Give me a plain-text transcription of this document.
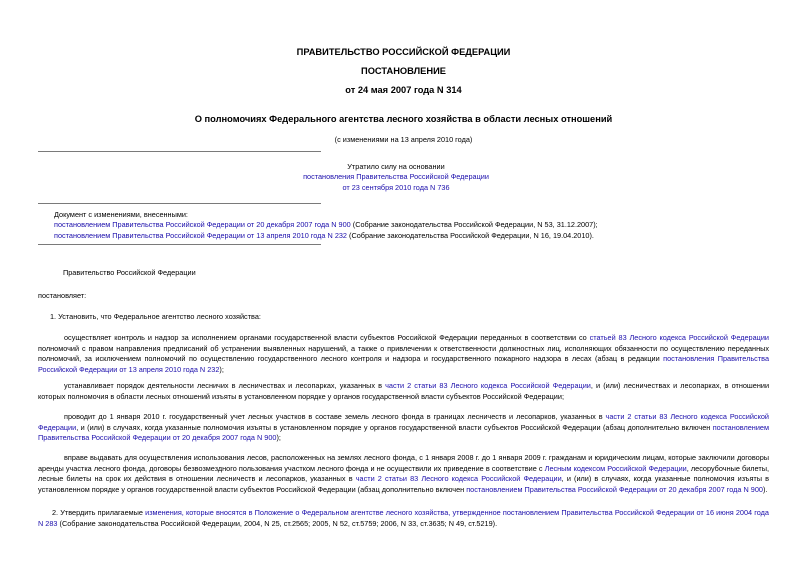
ПРАВИТЕЛЬСТВО РОССИЙСКОЙ ФЕДЕРАЦИИ
ПОСТАНОВЛЕНИЕ
от 24 мая 2007 года N 314
О полномочиях Федерального агентства лесного хозяйства в области лесных отношений
(с изменениями на 13 апреля 2010 года)
Утратило силу на основании
постановления Правительства Российской Федерации
от 23 сентября 2010 года N 736
Документ с изменениями, внесенными:
постановлением Правительства Российской Федерации от 20 декабря 2007 года N 900 (Собрание законодательства Российской Федерации, N 53, 31.12.2007);
постановлением Правительства Российской Федерации от 13 апреля 2010 года N 232 (Собрание законодательства Российской Федерации, N 16, 19.04.2010).
Правительство Российской Федерации
постановляет:
1. Установить, что Федеральное агентство лесного хозяйства:
осуществляет контроль и надзор за исполнением органами государственной власти субъектов Российской Федерации переданных в соответствии со статьей 83 Лесного кодекса Российской Федерации полномочий с правом направления предписаний об устранении выявленных нарушений, а также о привлечении к ответственности должностных лиц, исполняющих обязанности по осуществлению переданных полномочий, за исключением полномочий по осуществлению государственного лесного контроля и надзора и государственного пожарного надзора в лесах (абзац в редакции постановления Правительства Российской Федерации от 13 апреля 2010 года N 232);
устанавливает порядок деятельности лесничих в лесничествах и лесопарках, указанных в части 2 статьи 83 Лесного кодекса Российской Федерации, и (или) лесничествах и лесопарках, в отношении которых полномочия в области лесных отношений изъяты в установленном порядке у органов государственной власти субъектов Российской Федерации;
проводит до 1 января 2010 г. государственный учет лесных участков в составе земель лесного фонда в границах лесничеств и лесопарков, указанных в части 2 статьи 83 Лесного кодекса Российской Федерации, и (или) в случаях, когда указанные полномочия изъяты в установленном порядке у органов государственной власти субъектов Российской Федерации (абзац дополнительно включен постановлением Правительства Российской Федерации от 20 декабря 2007 года N 900);
вправе выдавать для осуществления использования лесов, расположенных на землях лесного фонда, с 1 января 2008 г. до 1 января 2009 г. гражданам и юридическим лицам, которые заключили договоры аренды участка лесного фонда, договоры безвозмездного пользования участком лесного фонда и не осуществили их приведение в соответствие с Лесным кодексом Российской Федерации, лесорубочные билеты, лесные билеты на срок их действия в отношении лесничеств и лесопарков, указанных в части 2 статьи 83 Лесного кодекса Российской Федерации, и (или) в случаях, когда указанные полномочия изъяты в установленном порядке у органов государственной власти субъектов Российской Федерации (абзац дополнительно включен постановлением Правительства Российской Федерации от 20 декабря 2007 года N 900).
2. Утвердить прилагаемые изменения, которые вносятся в Положение о Федеральном агентстве лесного хозяйства, утвержденное постановлением Правительства Российской Федерации от 16 июня 2004 года N 283 (Собрание законодательства Российской Федерации, 2004, N 25, ст.2565; 2005, N 52, ст.5759; 2006, N 33, ст.3635; N 49, ст.5219).
